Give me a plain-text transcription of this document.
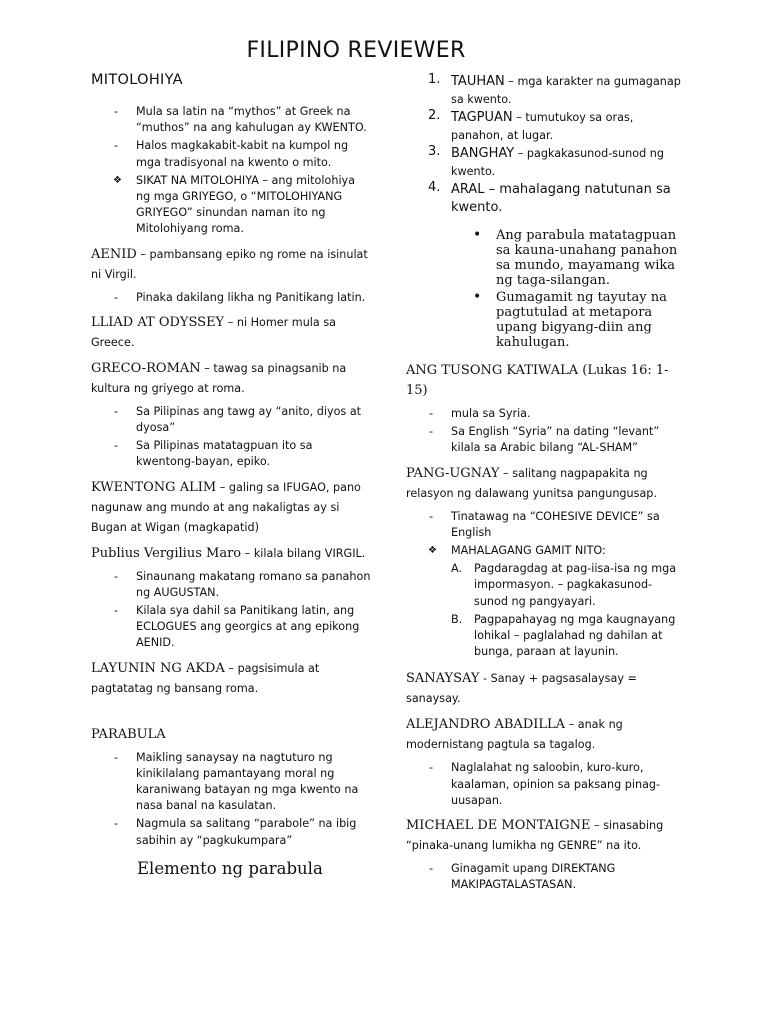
FILIPINO REVIEWER
MITOLOHIYA
- Mula sa latin na “mythos” at Greek na “muthos” na ang kahulugan ay KWENTO.
- Halos magkakabit-kabit na kumpol ng mga tradisyonal na kwento o mito.
❖ SIKAT NA MITOLOHIYA – ang mitolohiya ng mga GRIYEGO, o “MITOLOHIYANG GRIYEGO” sinundan naman ito ng Mitolohiyang roma.
AENID – pambansang epiko ng rome na isinulat ni Virgil.
- Pinaka dakilang likha ng Panitikang latin.
LLIAD AT ODYSSEY – ni Homer mula sa Greece.
GRECO-ROMAN – tawag sa pinagsanib na kultura ng griyego at roma.
- Sa Pilipinas ang tawg ay “anito, diyos at dyosa”
- Sa Pilipinas matatagpuan ito sa kwentong-bayan, epiko.
KWENTONG ALIM – galing sa IFUGAO, pano nagunaw ang mundo at ang nakaligtas ay si Bugan at Wigan (magkapatid)
Publius Vergilius Maro – kilala bilang VIRGIL.
- Sinaunang makatang romano sa panahon ng AUGUSTAN.
- Kilala sya dahil sa Panitikang latin, ang ECLOGUES ang georgics at ang epikong AENID.
LAYUNIN NG AKDA – pagsisimula at pagtatatag ng bansang roma.
PARABULA
- Maikling sanaysay na nagtuturo ng kinikilalang pamantayang moral ng karaniwang batayan ng mga kwento na nasa banal na kasulatan.
- Nagmula sa salitang “parabole” na ibig sabihin ay “pagkukumpara”
Elemento ng parabula
1. TAUHAN – mga karakter na gumaganap sa kwento.
2. TAGPUAN – tumutukoy sa oras, panahon, at lugar.
3. BANGHAY – pagkakasunod-sunod ng kwento.
4. ARAL – mahalagang natutunan sa kwento.
• Ang parabula matatagpuan sa kauna-unahang panahon sa mundo, mayamang wika ng taga-silangan.
• Gumagamit ng tayutay na pagtutulad at metapora upang bigyang-diin ang kahulugan.
ANG TUSONG KATIWALA (Lukas 16: 1-15)
- mula sa Syria.
- Sa English “Syria” na dating “levant” kilala sa Arabic bilang “AL-SHAM”
PANG-UGNAY – salitang nagpapakita ng relasyon ng dalawang yunitsa pangungusap.
- Tinatawag na “COHESIVE DEVICE” sa English
❖ MAHALAGANG GAMIT NITO:
A. Pagdaragdag at pag-iisa-isa ng mga impormasyon. – pagkakasunod-sunod ng pangyayari.
B. Pagpapahayag ng mga kaugnayang lohikal – paglalahad ng dahilan at bunga, paraan at layunin.
SANAYSAY - Sanay + pagsasalaysay = sanaysay.
ALEJANDRO ABADILLA – anak ng modernistang pagtula sa tagalog.
- Naglalahat ng saloobin, kuro-kuro, kaalaman, opinion sa paksang pinag-uusapan.
MICHAEL DE MONTAIGNE – sinasabing “pinaka-unang lumikha ng GENRE” na ito.
- Ginagamit upang DIREKTANG MAKIPAGTALASTASAN.
